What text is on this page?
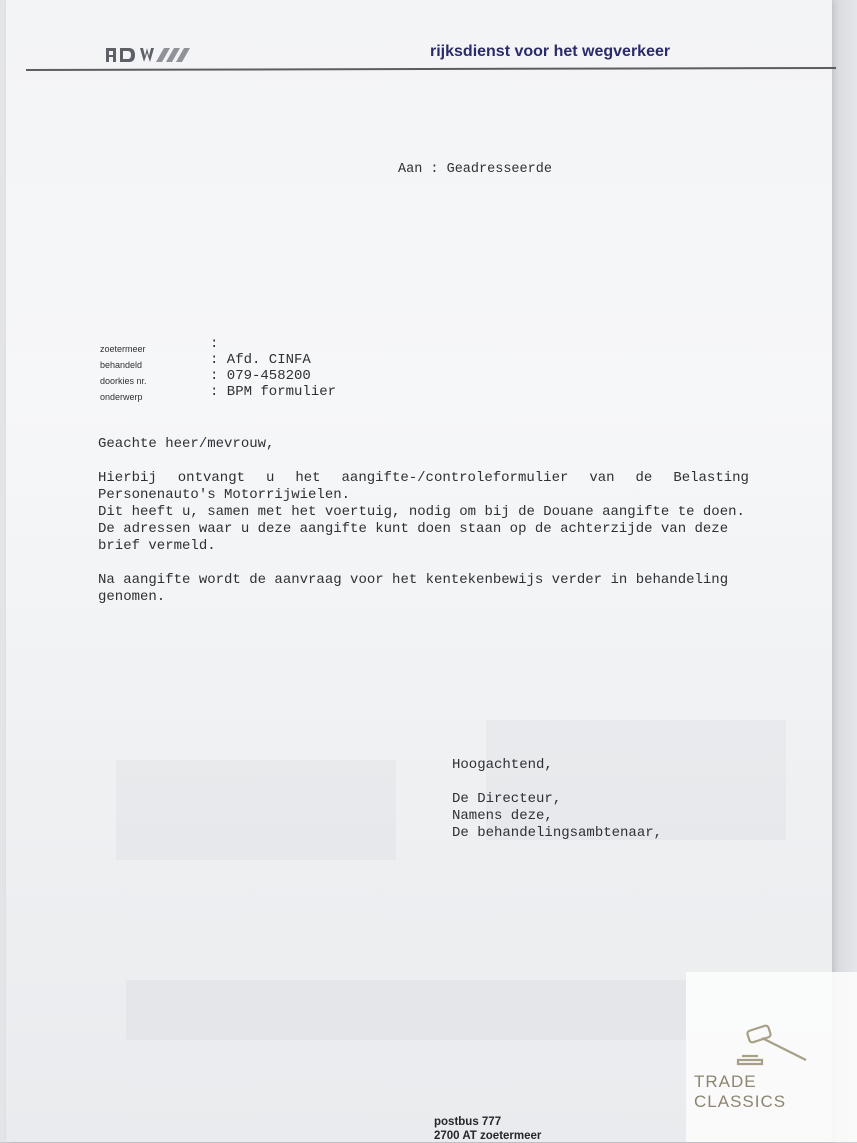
rijksdienst voor het wegverkeer
Aan : Geadresseerde
zoetermeer
behandeld
doorkies nr.
onderwerp
:
: Afd. CINFA
: 079-458200
: BPM formulier

Geachte heer/mevrouw,

Hierbij ontvangt u het aangifte-/controleformulier van de Belasting

Personenauto's Motorrijwielen.

Dit heeft u, samen met het voertuig, nodig om bij de Douane aangifte te doen.

De adressen waar u deze aangifte kunt doen staan op de achterzijde van deze

brief vermeld.

Na aangifte wordt de aanvraag voor het kentekenbewijs verder in behandeling

genomen.

Hoogachtend,

De Directeur,

Namens deze,

De behandelingsambtenaar,

postbus 777
2700 AT zoetermeer
TRADE CLASSICS
